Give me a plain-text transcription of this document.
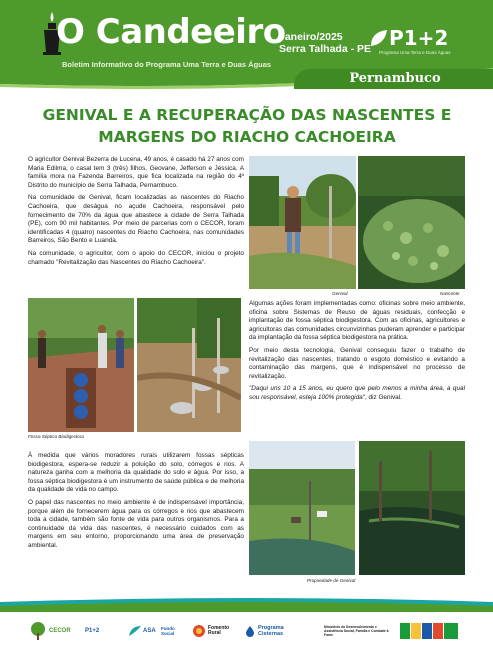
O Candeeiro
Boletim Informativo do Programa Uma Terra e Duas Águas
Janeiro/2025
Serra Talhada - PE P1+2
Programa Uma Terra e Duas Águas
Pernambuco
GENIVAL E A RECUPERAÇÃO DAS NASCENTES E MARGENS DO RIACHO CACHOEIRA

O agricultor Genival Bezerra de Lucena, 49 anos, é casado há 27 anos com Maria Edilma, o casal tem 3 (três) filhos, Geovane, Jefferson e Jéssica. A família mora na Fazenda Barreiros, que fica localizada na região do 4º Distrito do município de Serra Talhada, Pernambuco.

Na comunidade de Genival, ficam localizadas as nascentes do Riacho Cachoeira, que deságua no açude Cachoeira, responsável pelo fornecimento de 70% da água que abastece a cidade de Serra Talhada (PE), com 90 mil habitantes. Por meio de parcerias com o CECOR, foram identificadas 4 (quatro) nascentes do Riacho Cachoeira, nas comunidades Barreiros, São Bento e Luanda.

Na comunidade, o agricultor, com o apoio do CECOR, iniciou o projeto chamado "Revitalização das Nascentes do Riacho Cachoeira".

Genival	Nascente
Fossa Séptica Biodigestora

Algumas ações foram implementadas como: oficinas sobre meio ambiente, oficina sobre Sistemas de Reuso de águas residuais, confecção e implantação de fossa séptica biodigestora. Com as oficinas, agricultores e agricultoras das comunidades circunvizinhas puderam aprender e participar da implantação da fossa séptica biodigestora na prática.

Por meio desta tecnologia, Genival conseguiu fazer o trabalho de revitalização das nascentes, tratando o esgoto doméstico e evitando a contaminação das margens, que é indispensável no processo de revitalização.

"Daqui uns 10 a 15 anos, eu quero que pelo menos a minha área, a qual sou responsável, esteja 100% protegida", diz Genival.

À medida que vários moradores rurais utilizarem fossas sépticas biodigestora, espera-se reduzir a poluição do solo, córregos e rios. A natureza ganha com a melhoria da qualidade do solo e água. Por isso, a fossa séptica biodigestora é um instrumento de saúde pública e de melhoria da qualidade de vida no campo.

O papel das nascentes no meio ambiente é de indispensável importância, porque além de fornecerem água para os córregos e rios que abastecem toda a cidade, também são fonte de vida para outros organismos. Para a continuidade da vida das nascentes, é necessário cuidados com as margens em seu entorno, proporcionando uma área de preservação ambiental.

Propriedade de Genival
CECOR P1+2	ASA Fundo Social
Fomento Rural
Programa Cisternas
Ministério do Desenvolvimento e Assistência Social, Família e Combate à Fome
